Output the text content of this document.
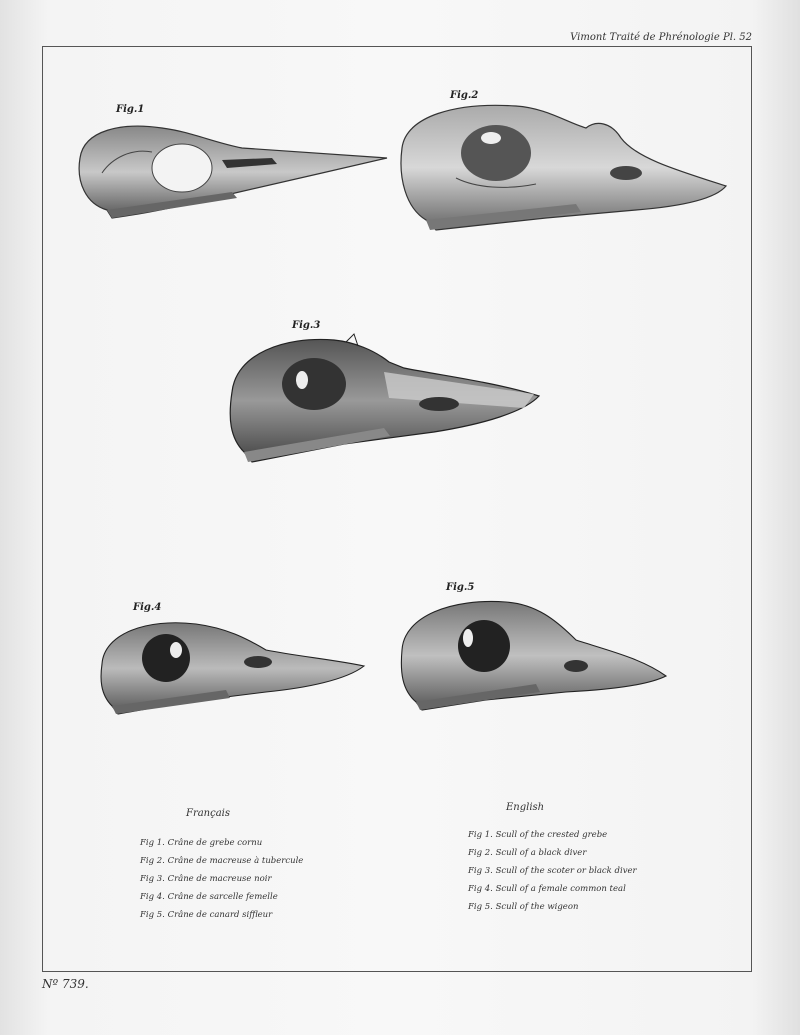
Vimont Traité de Phrénologie Pl. 52
Fig.1
Fig.2
Fig.3
Fig.4
Fig.5
Français
Fig 1. Crâne de grebe cornu
Fig 2. Crâne de macreuse à tubercule
Fig 3. Crâne de macreuse noir
Fig 4. Crâne de sarcelle femelle
Fig 5. Crâne de canard siffleur
English
Fig 1. Scull of the crested grebe
Fig 2. Scull of a black diver
Fig 3. Scull of the scoter or black diver
Fig 4. Scull of a female common teal
Fig 5. Scull of the wigeon
Nº 739.
